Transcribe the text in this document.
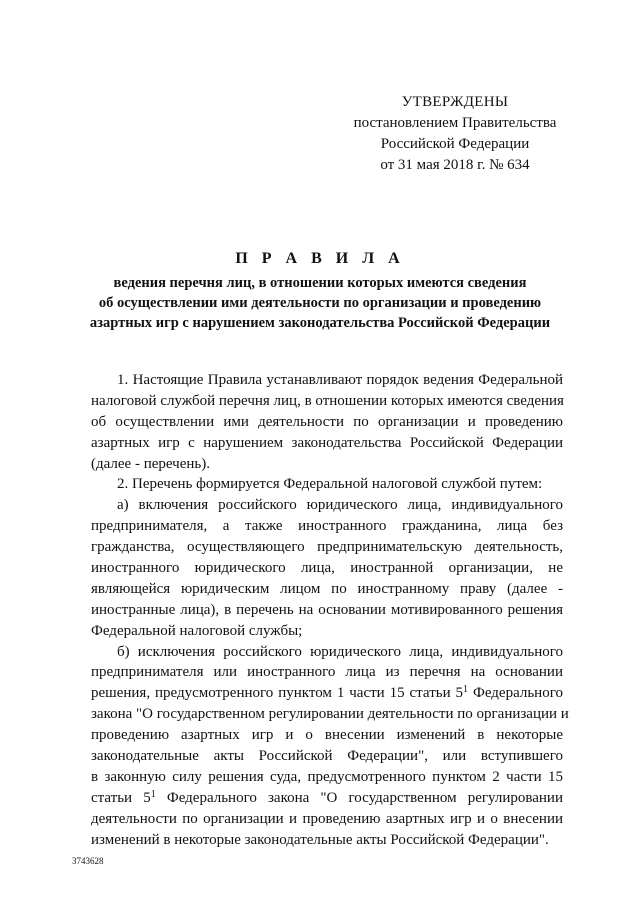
УТВЕРЖДЕНЫ
постановлением Правительства
Российской Федерации
от 31 мая 2018 г. № 634
П Р А В И Л А
ведения перечня лиц, в отношении которых имеются сведения
об осуществлении ими деятельности по организации и проведению
азартных игр с нарушением законодательства Российской Федерации
1. Настоящие Правила устанавливают порядок ведения Федеральной
налоговой службой перечня лиц, в отношении которых имеются сведения
об осуществлении ими деятельности по организации и проведению
азартных игр с нарушением законодательства Российской Федерации
(далее - перечень).
2. Перечень формируется Федеральной налоговой службой путем:
а) включения российского юридического лица, индивидуального
предпринимателя, а также иностранного гражданина, лица без
гражданства, осуществляющего предпринимательскую деятельность,
иностранного юридического лица, иностранной организации, не
являющейся юридическим лицом по иностранному праву (далее -
иностранные лица), в перечень на основании мотивированного решения
Федеральной налоговой службы;
б) исключения российского юридического лица, индивидуального
предпринимателя или иностранного лица из перечня на основании
решения, предусмотренного пунктом 1 части 15 статьи $5^1$ Федерального
закона "О государственном регулировании деятельности по организации и
проведению азартных игр и о внесении изменений в некоторые
законодательные акты Российской Федерации", или вступившего
в законную силу решения суда, предусмотренного пунктом 2 части 15
статьи $5^1$ Федерального закона "О государственном регулировании
деятельности по организации и проведению азартных игр и о внесении
изменений в некоторые законодательные акты Российской Федерации".
3743628
